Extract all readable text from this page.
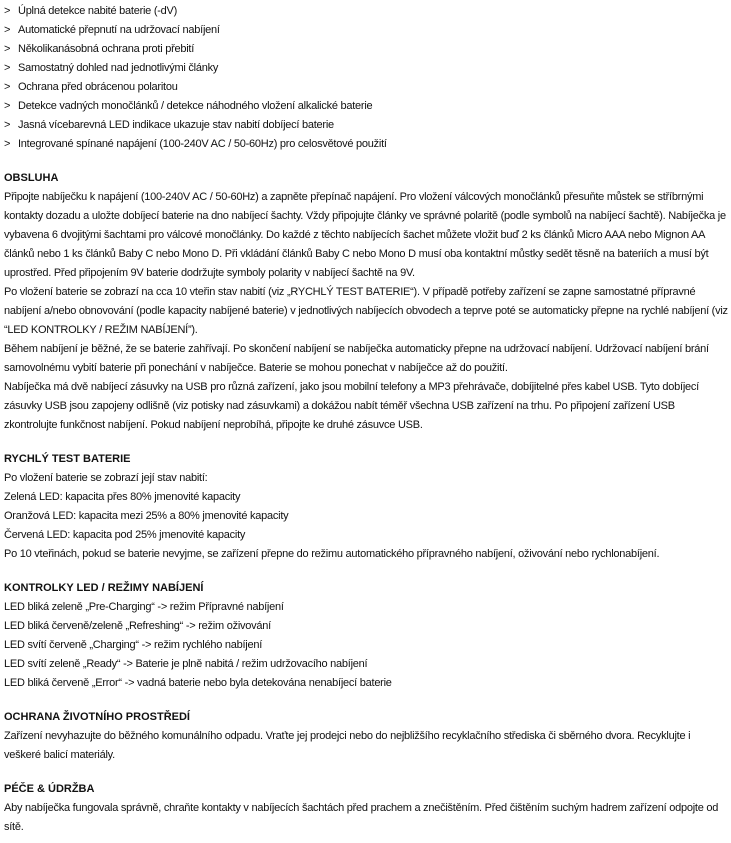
> Úplná detekce nabité baterie (-dV)
> Automatické přepnutí na udržovací nabíjení
> Několikanásobná ochrana proti přebití
> Samostatný dohled nad jednotlivými články
> Ochrana před obrácenou polaritou
> Detekce vadných monočlánků / detekce náhodného vložení alkalické baterie
> Jasná vícebarevná LED indikace ukazuje stav nabití dobíjecí baterie
> Integrované spínané napájení (100-240V AC / 50-60Hz) pro celosvětové použití
OBSLUHA

Připojte nabíječku k napájení (100-240V AC / 50-60Hz) a zapněte přepínač napájení. Pro vložení válcových monočlánků přesuňte můstek se stříbrnými kontakty dozadu a uložte dobíjecí baterie na dno nabíjecí šachty. Vždy připojujte články ve správné polaritě (podle symbolů na nabíjecí šachtě). Nabíječka je vybavena 6 dvojitými šachtami pro válcové monočlánky. Do každé z těchto nabíjecích šachet můžete vložit buď 2 ks článků Micro AAA nebo Mignon AA článků nebo 1 ks článků Baby C nebo Mono D. Při vkládání článků Baby C nebo Mono D musí oba kontaktní můstky sedět těsně na bateriích a musí být uprostřed. Před připojením 9V baterie dodržujte symboly polarity v nabíjecí šachtě na 9V.

Po vložení baterie se zobrazí na cca 10 vteřin stav nabití (viz „RYCHLÝ TEST BATERIE“). V případě potřeby zařízení se zapne samostatné přípravné nabíjení a/nebo obnovování (podle kapacity nabíjené baterie) v jednotlivých nabíjecích obvodech a teprve poté se automaticky přepne na rychlé nabíjení (viz “LED KONTROLKY / REŽIM NABÍJENÍ”).

Během nabíjení je běžné, že se baterie zahřívají. Po skončení nabíjení se nabíječka automaticky přepne na udržovací nabíjení. Udržovací nabíjení brání samovolnému vybití baterie při ponechání v nabíječce. Baterie se mohou ponechat v nabíječce až do použití.

Nabíječka má dvě nabíjecí zásuvky na USB pro různá zařízení, jako jsou mobilní telefony a MP3 přehrávače, dobíjitelné přes kabel USB. Tyto dobíjecí zásuvky USB jsou zapojeny odlišně (viz potisky nad zásuvkami) a dokážou nabít téměř všechna USB zařízení na trhu. Po připojení zařízení USB zkontrolujte funkčnost nabíjení. Pokud nabíjení neprobíhá, připojte ke druhé zásuvce USB.

RYCHLÝ TEST BATERIE
Po vložení baterie se zobrazí její stav nabití:
Zelená LED: kapacita přes 80% jmenovité kapacity
Oranžová LED: kapacita mezi 25% a 80% jmenovité kapacity
Červená LED: kapacita pod 25% jmenovité kapacity
Po 10 vteřinách, pokud se baterie nevyjme, se zařízení přepne do režimu automatického přípravného nabíjení, oživování nebo rychlonabíjení.
KONTROLKY LED / REŽIMY NABÍJENÍ
LED bliká zeleně „Pre-Charging“ -> režim Přípravné nabíjení
LED bliká červeně/zeleně „Refreshing“ -> režim oživování
LED svítí červeně „Charging“ -> režim rychlého nabíjení
LED svítí zeleně „Ready“ -> Baterie je plně nabitá / režim udržovacího nabíjení
LED bliká červeně „Error“ -> vadná baterie nebo byla detekována nenabíjecí baterie
OCHRANA ŽIVOTNÍHO PROSTŘEDÍ

Zařízení nevyhazujte do běžného komunálního odpadu. Vraťte jej prodejci nebo do nejbližšího recyklačního střediska či sběrného dvora. Recyklujte i veškeré balicí materiály.

PÉČE & ÚDRŽBA

Aby nabíječka fungovala správně, chraňte kontakty v nabíjecích šachtách před prachem a znečištěním. Před čištěním suchým hadrem zařízení odpojte od sítě.
